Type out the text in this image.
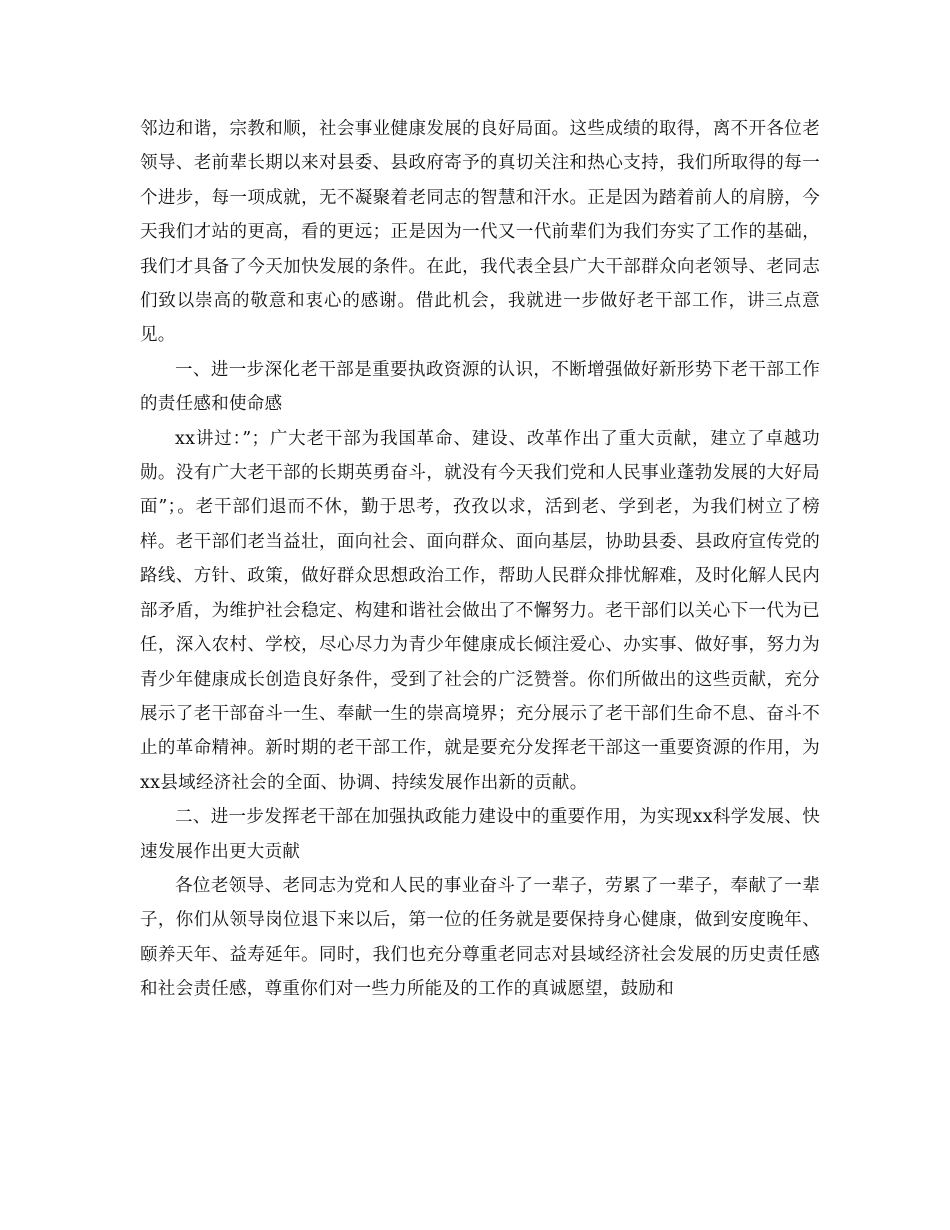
邻边和谐，宗教和顺，社会事业健康发展的良好局面。这些成绩的取得，离不开各位老领导、老前辈长期以来对县委、县政府寄予的真切关注和热心支持，我们所取得的每一个进步，每一项成就，无不凝聚着老同志的智慧和汗水。正是因为踏着前人的肩膀，今天我们才站的更高，看的更远；正是因为一代又一代前辈们为我们夯实了工作的基础，我们才具备了今天加快发展的条件。在此，我代表全县广大干部群众向老领导、老同志们致以崇高的敬意和衷心的感谢。借此机会，我就进一步做好老干部工作，讲三点意见。

一、进一步深化老干部是重要执政资源的认识，不断增强做好新形势下老干部工作的责任感和使命感

xx讲过：”；广大老干部为我国革命、建设、改革作出了重大贡献，建立了卓越功勋。没有广大老干部的长期英勇奋斗，就没有今天我们党和人民事业蓬勃发展的大好局面”；。老干部们退而不休，勤于思考，孜孜以求，活到老、学到老，为我们树立了榜样。老干部们老当益壮，面向社会、面向群众、面向基层，协助县委、县政府宣传党的路线、方针、政策，做好群众思想政治工作，帮助人民群众排忧解难，及时化解人民内部矛盾，为维护社会稳定、构建和谐社会做出了不懈努力。老干部们以关心下一代为已任，深入农村、学校，尽心尽力为青少年健康成长倾注爱心、办实事、做好事，努力为青少年健康成长创造良好条件，受到了社会的广泛赞誉。你们所做出的这些贡献，充分展示了老干部奋斗一生、奉献一生的崇高境界；充分展示了老干部们生命不息、奋斗不止的革命精神。新时期的老干部工作，就是要充分发挥老干部这一重要资源的作用，为xx县域经济社会的全面、协调、持续发展作出新的贡献。

二、进一步发挥老干部在加强执政能力建设中的重要作用，为实现xx科学发展、快速发展作出更大贡献

各位老领导、老同志为党和人民的事业奋斗了一辈子，劳累了一辈子，奉献了一辈子，你们从领导岗位退下来以后，第一位的任务就是要保持身心健康，做到安度晚年、颐养天年、益寿延年。同时，我们也充分尊重老同志对县域经济社会发展的历史责任感和社会责任感，尊重你们对一些力所能及的工作的真诚愿望，鼓励和
